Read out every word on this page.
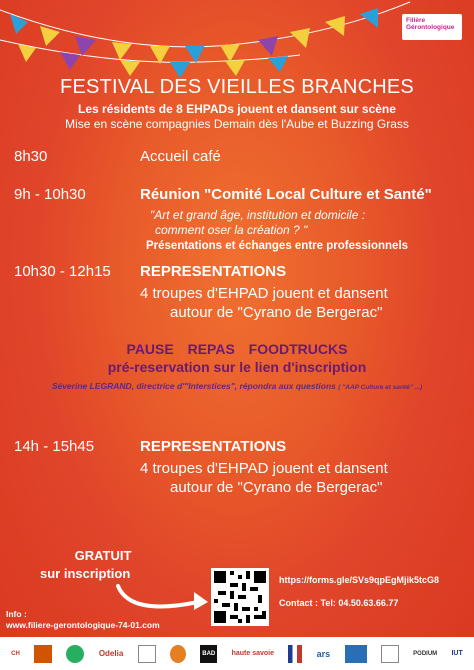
Filière Gérontologique
FESTIVAL DES VIEILLES BRANCHES
Les résidents de 8 EHPADs jouent et dansent sur scène
Mise en scène compagnies Demain dès l'Aube et Buzzing Grass
8h30	Accueil café
9h - 10h30	Réunion "Comité Local Culture et Santé"
"Art et grand âge, institution et domicile :
comment oser la création ? "
Présentations et échanges entre professionnels
10h30 - 12h15 REPRESENTATIONS
4 troupes d'EHPAD jouent et dansent
autour de "Cyrano de Bergerac"
PAUSE REPAS FOODTRUCKS
pré-reservation sur le lien d'inscription
Séverine LEGRAND, directrice d'"Interstices", répondra aux questions ( "AAP Culture et santé" ...)
14h - 15h45	REPRESENTATIONS
4 troupes d'EHPAD jouent et dansent
autour de "Cyrano de Bergerac"
GRATUIT
sur inscription	https://forms.gle/SVs9qpEgMjik5tcG8
Contact : Tel: 04.50.63.66.77
Info :
www.filiere-gerontologique-74-01.com
CH	Odelia	BAD haute savoie	ars	PODIUM IUT
